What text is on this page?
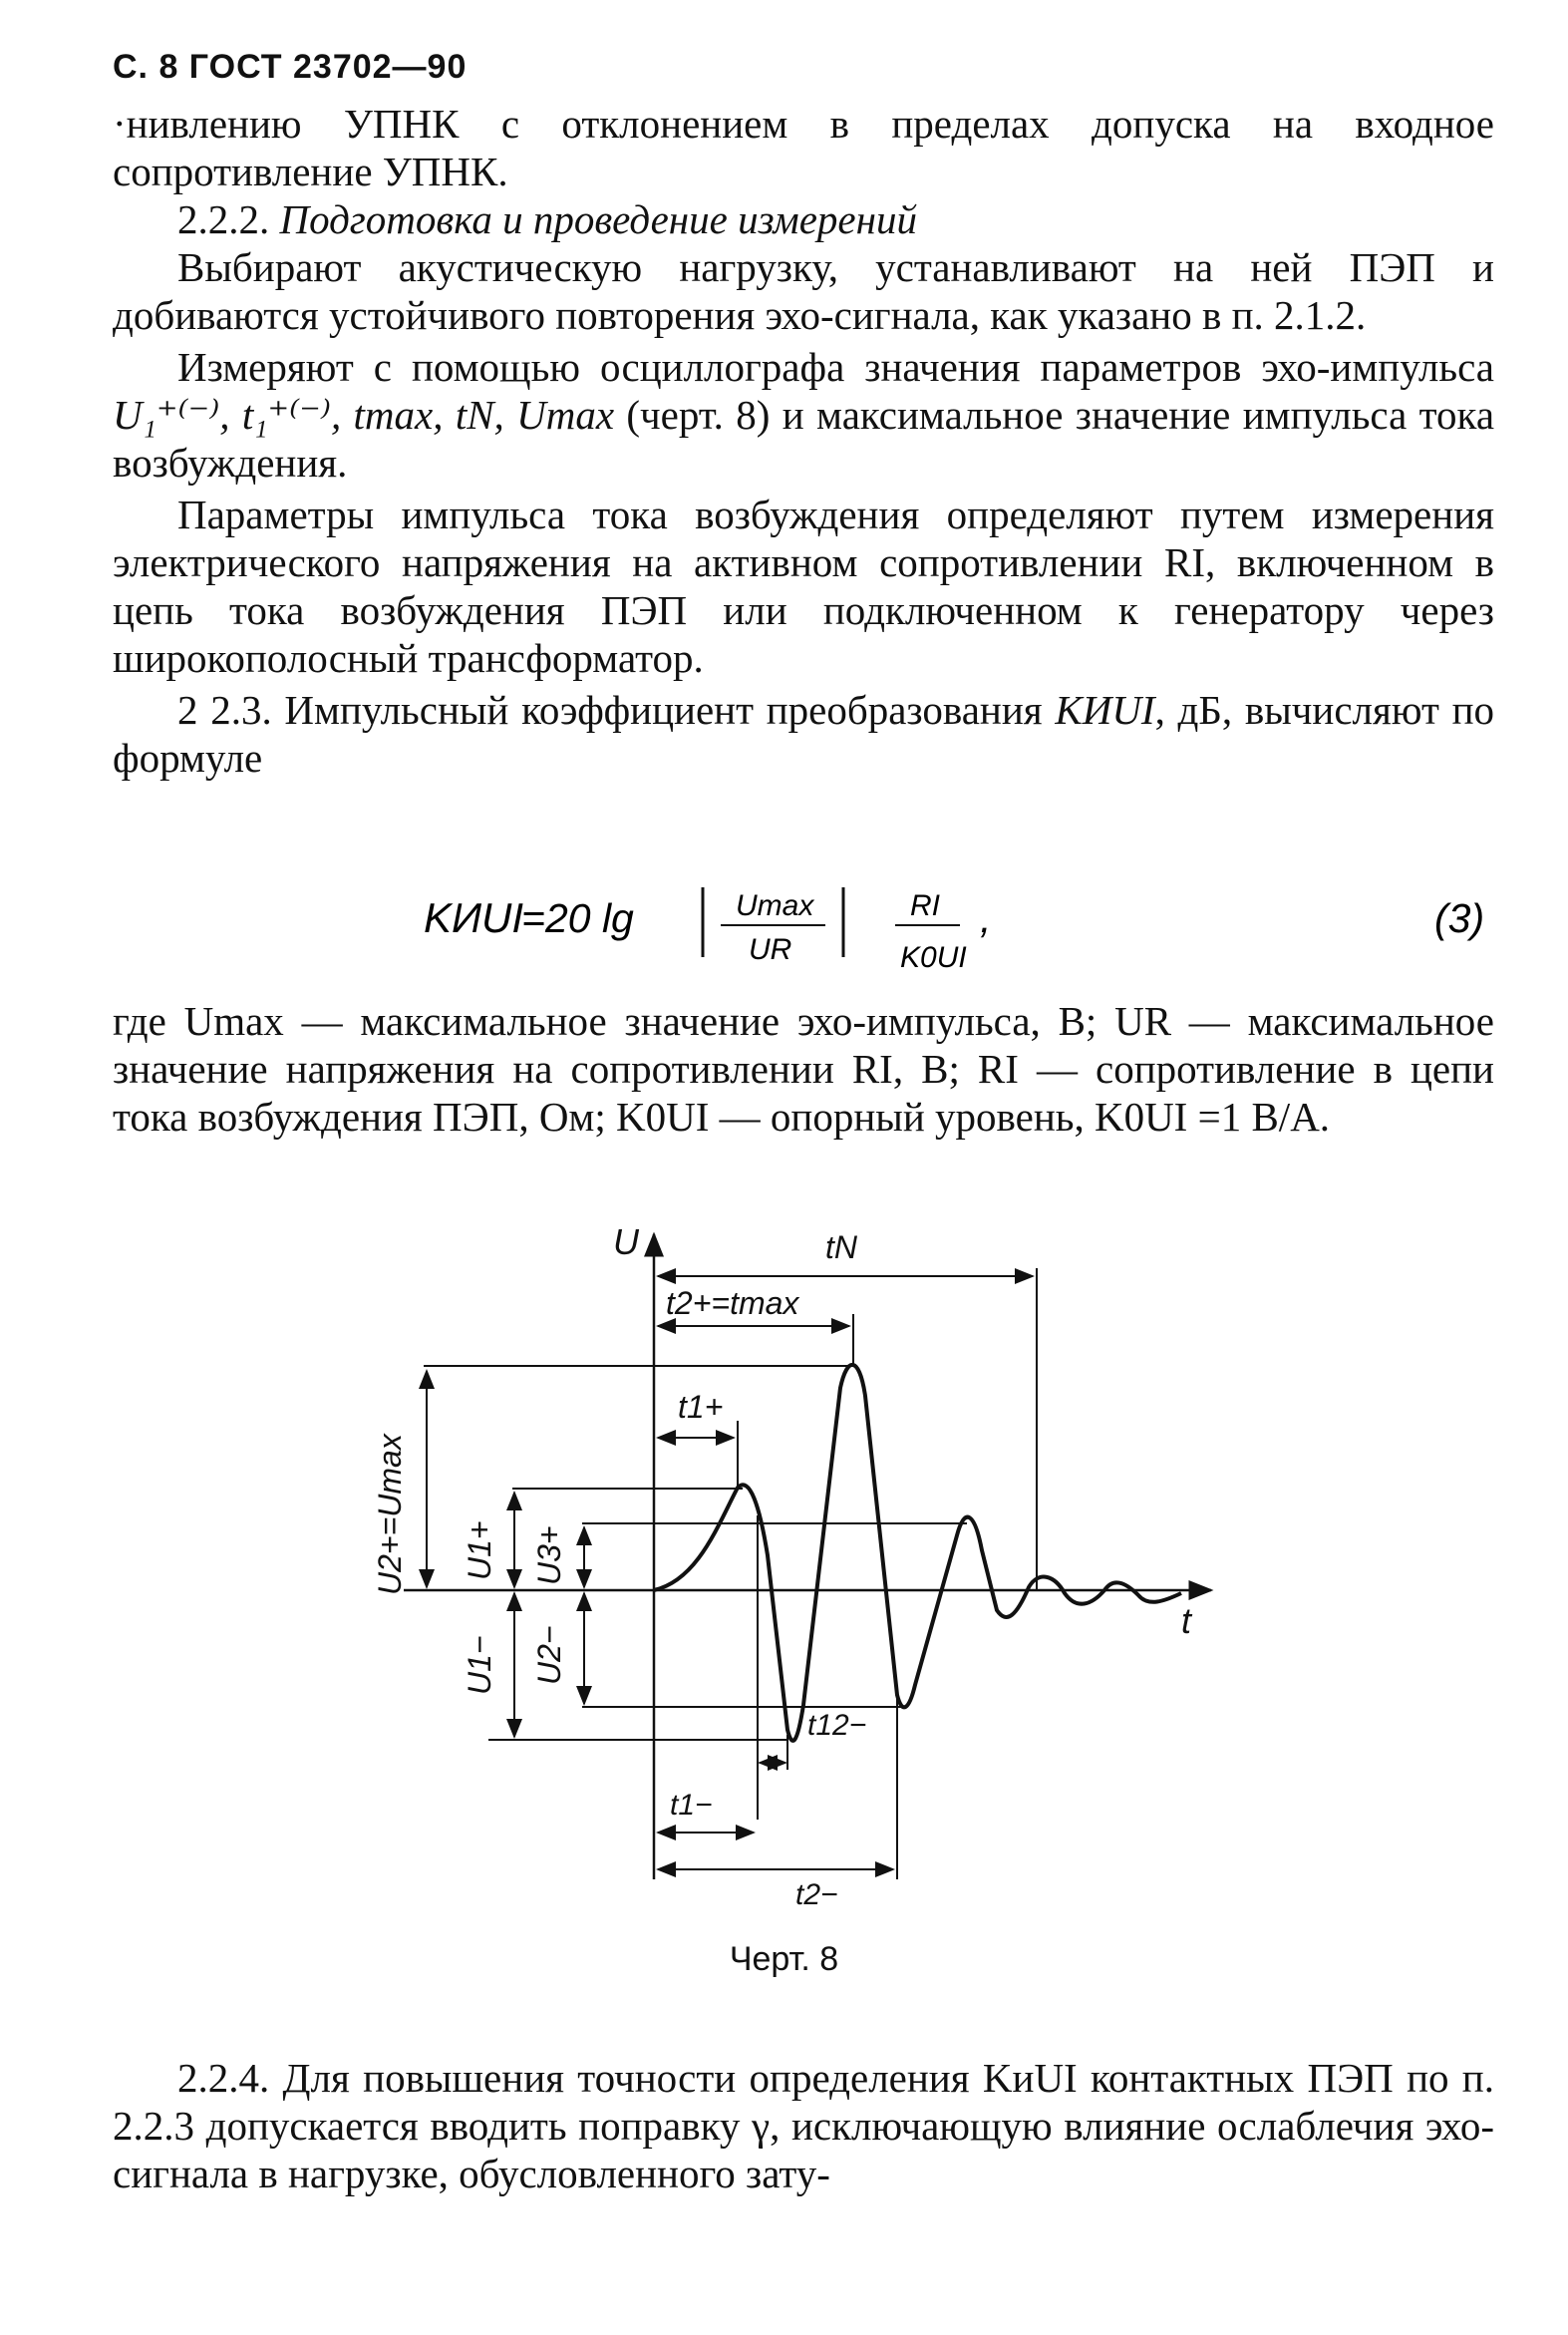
С. 8 ГОСТ 23702—90

·нивлению УПНК с отклонением в пределах допуска на входное сопротивление УПНК.

2.2.2. Подготовка и проведение измерений

Выбирают акустическую нагрузку, устанавливают на ней ПЭП и добиваются устойчивого повторения эхо-сигнала, как указано в п. 2.1.2.

Измеряют с помощью осциллографа значения параметров эхо-импульса U₁⁺⁽⁻⁾, t₁⁺⁽⁻⁾, tmax, tN, Umax (черт. 8) и максимальное значение импульса тока возбуждения.

Параметры импульса тока возбуждения определяют путем измерения электрического напряжения на активном сопротивлении RI, включенном в цепь тока возбуждения ПЭП или подключенном к генератору через широкополосный трансформатор.

2 2.3. Импульсный коэффициент преобразования KИUI, дБ, вычисляют по формуле

KИUI
=20 lg	Umax
UR
RI
K0UI
,	(3)

где Umax — максимальное значение эхо-импульса, В; UR — максимальное значение напряжения на сопротивлении RI, В; RI — сопротивление в цепи тока возбуждения ПЭП, Ом; K0UI — опорный уровень, K0UI =1 В/А.

U
t
tN
t2+=tmax
t1+
t12−
t1−
t2−
U2+=Umax U1+ U3+
U1− U2−
Черт. 8

2.2.4. Для повышения точности определения KиUI контактных ПЭП по п. 2.2.3 допускается вводить поправку γ, исключающую влияние ослаблечия эхо-сигнала в нагрузке, обусловленного зату-
